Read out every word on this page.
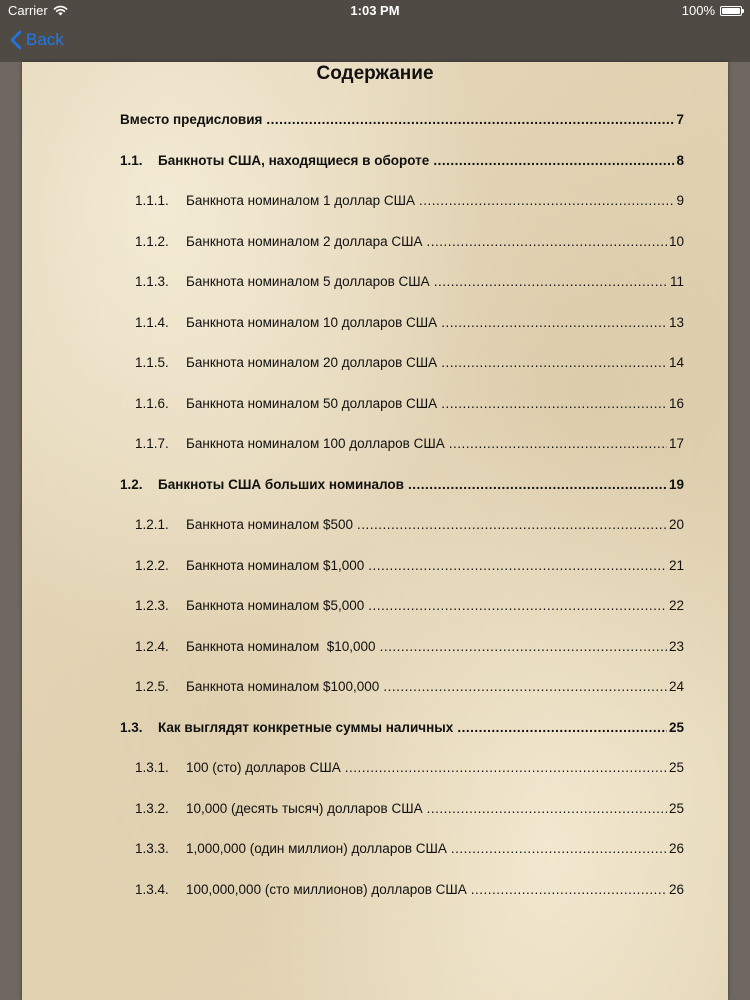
Carrier	1:03 PM	100%
Back
Содержание
Вместо предисловия .....	7
1.1.	Банкноты США, находящиеся в обороте .....	8
1.1.1.	Банкнота номиналом 1 доллар США .....	9
1.1.2.	Банкнота номиналом 2 доллара США .....	10
1.1.3.	Банкнота номиналом 5 долларов США .....	11
1.1.4.	Банкнота номиналом 10 долларов США .....	13
1.1.5.	Банкнота номиналом 20 долларов США .....	14
1.1.6.	Банкнота номиналом 50 долларов США .....	16
1.1.7.	Банкнота номиналом 100 долларов США .....	17
1.2.	Банкноты США больших номиналов .....	19
1.2.1.	Банкнота номиналом $500 .....	20
1.2.2.	Банкнота номиналом $1,000 .....	21
1.2.3.	Банкнота номиналом $5,000 .....	22
1.2.4.	Банкнота номиналом  $10,000 .....	23
1.2.5.	Банкнота номиналом $100,000 .....	24
1.3.	Как выглядят конкретные суммы наличных .....	25
1.3.1.	100 (сто) долларов США .....	25
1.3.2.	10,000 (десять тысяч) долларов США .....	25
1.3.3.	1,000,000 (один миллион) долларов США .....	26
1.3.4.	100,000,000 (сто миллионов) долларов США .....	26
